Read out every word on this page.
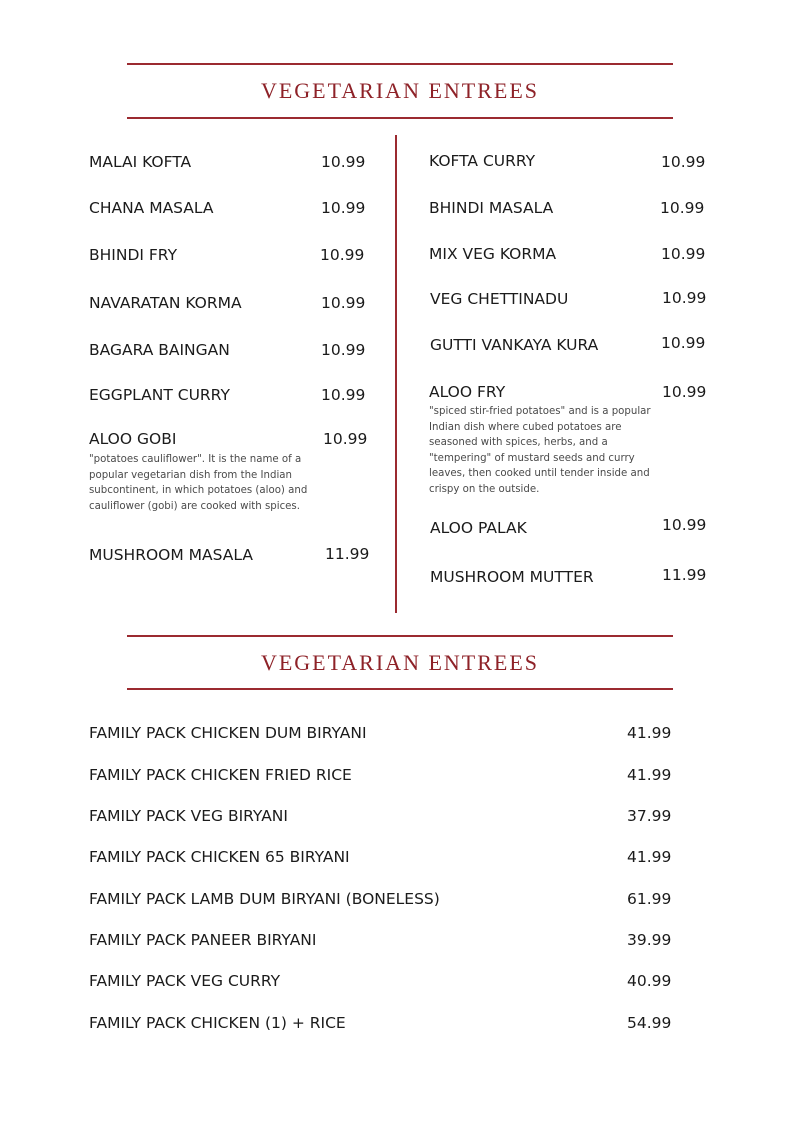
VEGETARIAN ENTREES
MALAI KOFTA	10.99
CHANA MASALA	10.99
BHINDI FRY	10.99
NAVARATAN KORMA	10.99
BAGARA BAINGAN	10.99
EGGPLANT CURRY	10.99
ALOO GOBI	10.99
"potatoes cauliflower". It is the name of a popular vegetarian dish from the Indian subcontinent, in which potatoes (aloo) and cauliflower (gobi) are cooked with spices.
MUSHROOM MASALA	11.99
KOFTA CURRY	10.99
BHINDI MASALA	10.99
MIX VEG KORMA	10.99
VEG CHETTINADU	10.99
GUTTI VANKAYA KURA	10.99
ALOO FRY	10.99
"spiced stir-fried potatoes" and is a popular Indian dish where cubed potatoes are seasoned with spices, herbs, and a "tempering" of mustard seeds and curry leaves, then cooked until tender inside and crispy on the outside.
ALOO PALAK	10.99
MUSHROOM MUTTER	11.99
VEGETARIAN ENTREES
FAMILY PACK CHICKEN DUM BIRYANI	41.99
FAMILY PACK CHICKEN FRIED RICE	41.99
FAMILY PACK VEG BIRYANI	37.99
FAMILY PACK CHICKEN 65 BIRYANI	41.99
FAMILY PACK LAMB DUM BIRYANI (BONELESS)	61.99
FAMILY PACK PANEER BIRYANI	39.99
FAMILY PACK VEG CURRY	40.99
FAMILY PACK CHICKEN (1) + RICE	54.99
